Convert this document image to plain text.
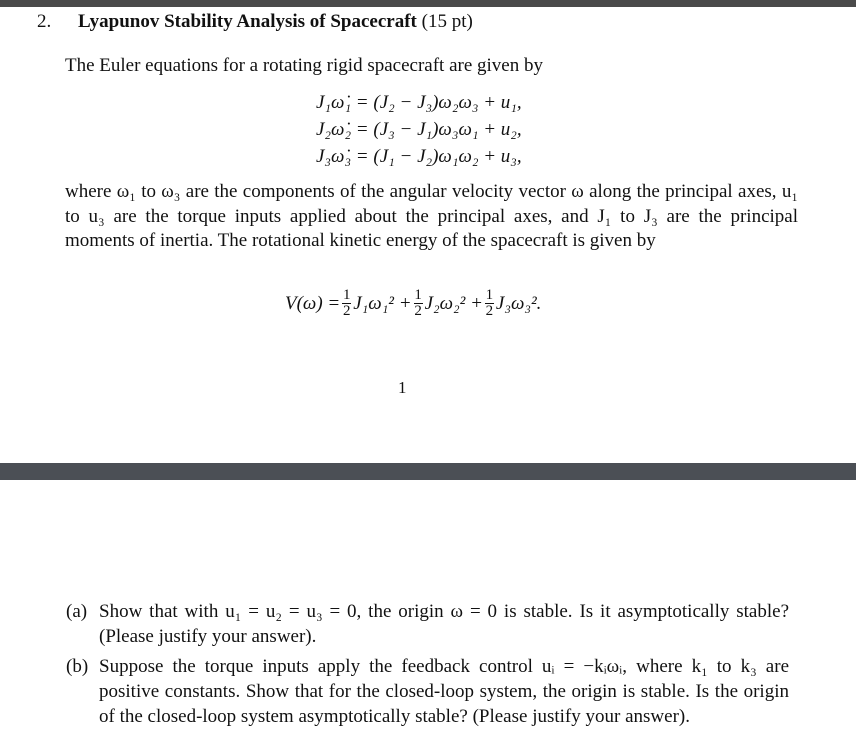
2. Lyapunov Stability Analysis of Spacecraft (15 pt)
The Euler equations for a rotating rigid spacecraft are given by
J₁ω̇₁ = (J₂ − J₃)ω₂ω₃ + u₁,
J₂ω̇₂ = (J₃ − J₁)ω₃ω₁ + u₂,
J₃ω̇₃ = (J₁ − J₂)ω₁ω₂ + u₃,
where ω₁ to ω₃ are the components of the angular velocity vector ω along the principal axes, u₁ to u₃ are the torque inputs applied about the principal axes, and J₁ to J₃ are the principal moments of inertia. The rotational kinetic energy of the spacecraft is given by
$V(\omega) = \frac{1}{2} J_1\omega_1^2 + \frac{1}{2} J_2\omega_2^2 + \frac{1}{2} J_3\omega_3^2$.
1
(a) Show that with u₁ = u₂ = u₃ = 0, the origin ω = 0 is stable. Is it asymptotically stable? (Please justify your answer).
(b) Suppose the torque inputs apply the feedback control uᵢ = −kᵢωᵢ, where k₁ to k₃ are positive constants. Show that for the closed-loop system, the origin is stable. Is the origin of the closed-loop system asymptotically stable? (Please justify your answer).
